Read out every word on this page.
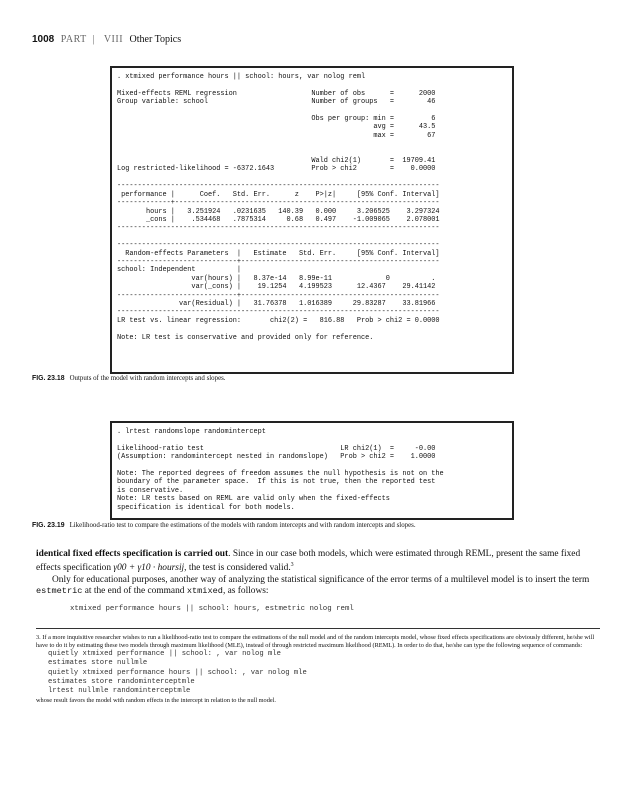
1008 PART | VIII Other Topics
. xtmixed performance hours || school: hours, var nolog reml

Mixed-effects REML regression                  Number of obs      =      2000
Group variable: school                         Number of groups   =        46

Obs per group: min =         6
avg =      43.5
max =        67

Wald chi2(1)       =  19709.41
Log restricted-likelihood = -6372.1643         Prob > chi2        =    0.0000

------------------------------------------------------------------------------
performance |      Coef.   Std. Err.      z    P>|z|     [95% Conf. Interval]
-------------+----------------------------------------------------------------
hours |   3.251924   .0231635   140.39   0.000     3.206525    3.297324
_cons |    .534468   .7875314     0.68   0.497    -1.009065    2.078001
------------------------------------------------------------------------------

------------------------------------------------------------------------------
Random-effects Parameters  |   Estimate   Std. Err.     [95% Conf. Interval]
-----------------------------+------------------------------------------------
school: Independent          |
var(hours) |   8.37e-14   8.99e-11             0          .
var(_cons) |    19.1254   4.199523      12.4367    29.41142
-----------------------------+------------------------------------------------
var(Residual) |   31.76378   1.016389     29.83287    33.81966
------------------------------------------------------------------------------
LR test vs. linear regression:       chi2(2) =   816.88   Prob > chi2 = 0.0000

Note: LR test is conservative and provided only for reference.
FIG. 23.18 Outputs of the model with random intercepts and slopes.
. lrtest randomslope randomintercept

Likelihood-ratio test                                 LR chi2(1)  =     -0.00
(Assumption: randomintercept nested in randomslope)   Prob > chi2 =    1.0000

Note: The reported degrees of freedom assumes the null hypothesis is not on the
boundary of the parameter space.  If this is not true, then the reported test
is conservative.
Note: LR tests based on REML are valid only when the fixed-effects
specification is identical for both models.
FIG. 23.19 Likelihood-ratio test to compare the estimations of the models with random intercepts and with random intercepts and slopes.

identical fixed effects specification is carried out. Since in our case both models, which were estimated through REML, present the same fixed effects specification γ00 + γ10 · hoursij, the test is considered valid.$^3$

Only for educational purposes, another way of analyzing the statistical significance of the error terms of a multilevel model is to insert the term estmetric at the end of the command xtmixed, as follows:

xtmixed performance hours || school: hours, estmetric nolog reml

3. If a more inquisitive researcher wishes to run a likelihood-ratio test to compare the estimations of the null model and of the random intercepts model, whose fixed effects specifications are obviously different, he/she will have to do it by estimating these two models through maximum likelihood (MLE), instead of through restricted maximum likelihood (REML). In order to do that, he/she can type the following sequence of commands:

quietly xtmixed performance || school: , var nolog mle
estimates store nullmle
quietly xtmixed performance hours || school: , var nolog mle
estimates store randominterceptmle
lrtest nullmle randominterceptmle

whose result favors the model with random effects in the intercept in relation to the null model.
